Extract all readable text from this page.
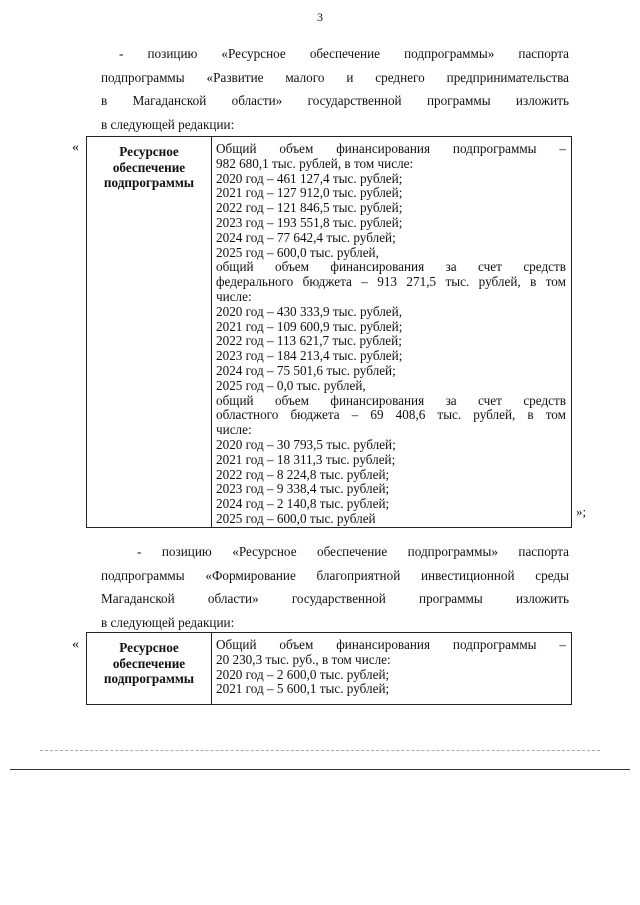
3
- позицию «Ресурсное обеспечение подпрограммы» паспорта
подпрограммы «Развитие малого и среднего предпринимательства
в Магаданской области» государственной программы изложить
в следующей редакции:
«	Ресурсное
обеспечение
подпрограммы

Общий объем финансирования подпрограммы –
982 680,1 тыс. рублей, в том числе:
2020 год – 461 127,4 тыс. рублей;
2021 год – 127 912,0 тыс. рублей;
2022 год – 121 846,5 тыс. рублей;
2023 год – 193 551,8 тыс. рублей;
2024 год – 77 642,4 тыс. рублей;
2025 год – 600,0 тыс. рублей,
общий объем финансирования за счет средств
федерального бюджета – 913 271,5 тыс. рублей, в том
числе:
2020 год – 430 333,9 тыс. рублей,
2021 год – 109 600,9 тыс. рублей;
2022 год – 113 621,7 тыс. рублей;
2023 год – 184 213,4 тыс. рублей;
2024 год – 75 501,6 тыс. рублей;
2025 год – 0,0 тыс. рублей,
общий объем финансирования за счет средств
областного бюджета – 69 408,6 тыс. рублей, в том
числе:
2020 год – 30 793,5 тыс. рублей;
2021 год – 18 311,3 тыс. рублей;
2022 год – 8 224,8 тыс. рублей;
2023 год – 9 338,4 тыс. рублей;
2024 год – 2 140,8 тыс. рублей;
2025 год – 600,0 тыс. рублей	»;
- позицию «Ресурсное обеспечение подпрограммы» паспорта
подпрограммы «Формирование благоприятной инвестиционной среды
Магаданской области» государственной программы изложить
в следующей редакции:
«	Ресурсное
обеспечение
подпрограммы

Общий объем финансирования подпрограммы –
20 230,3 тыс. руб., в том числе:
2020 год – 2 600,0 тыс. рублей;
2021 год – 5 600,1 тыс. рублей;
